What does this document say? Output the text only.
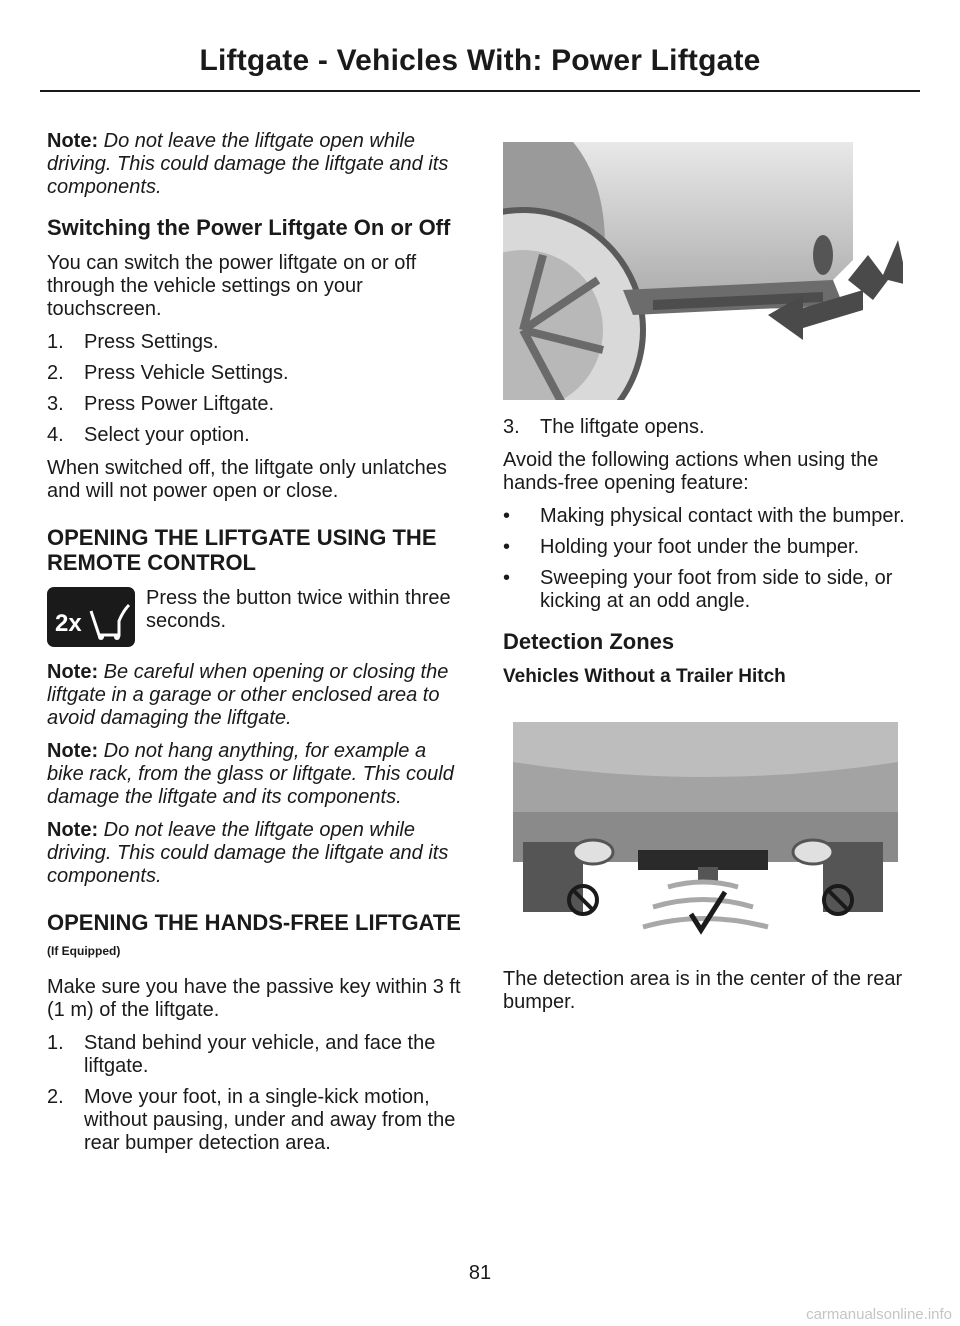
Liftgate - Vehicles With: Power Liftgate

Note: Do not leave the liftgate open while driving. This could damage the liftgate and its components.

Switching the Power Liftgate On or Off

You can switch the power liftgate on or off through the vehicle settings on your touchscreen.

1. Press Settings.
2. Press Vehicle Settings.
3. Press Power Liftgate.
4. Select your option.

When switched off, the liftgate only unlatches and will not power open or close.

OPENING THE LIFTGATE USING THE REMOTE CONTROL
2x

Press the button twice within three seconds.

Note: Be careful when opening or closing the liftgate in a garage or other enclosed area to avoid damaging the liftgate.

Note: Do not hang anything, for example a bike rack, from the glass or liftgate. This could damage the liftgate and its components.

Note: Do not leave the liftgate open while driving. This could damage the liftgate and its components.

OPENING THE HANDS-FREE LIFTGATE (If Equipped)

Make sure you have the passive key within 3 ft (1 m) of the liftgate.

1. Stand behind your vehicle, and face the liftgate.
2. Move your foot, in a single-kick motion, without pausing, under and away from the rear bumper detection area.
3. The liftgate opens.

Avoid the following actions when using the hands-free opening feature:

• Making physical contact with the bumper.
• Holding your foot under the bumper.
• Sweeping your foot from side to side, or kicking at an odd angle.
Detection Zones
Vehicles Without a Trailer Hitch

The detection area is in the center of the rear bumper.

81
carmanualsonline.info
